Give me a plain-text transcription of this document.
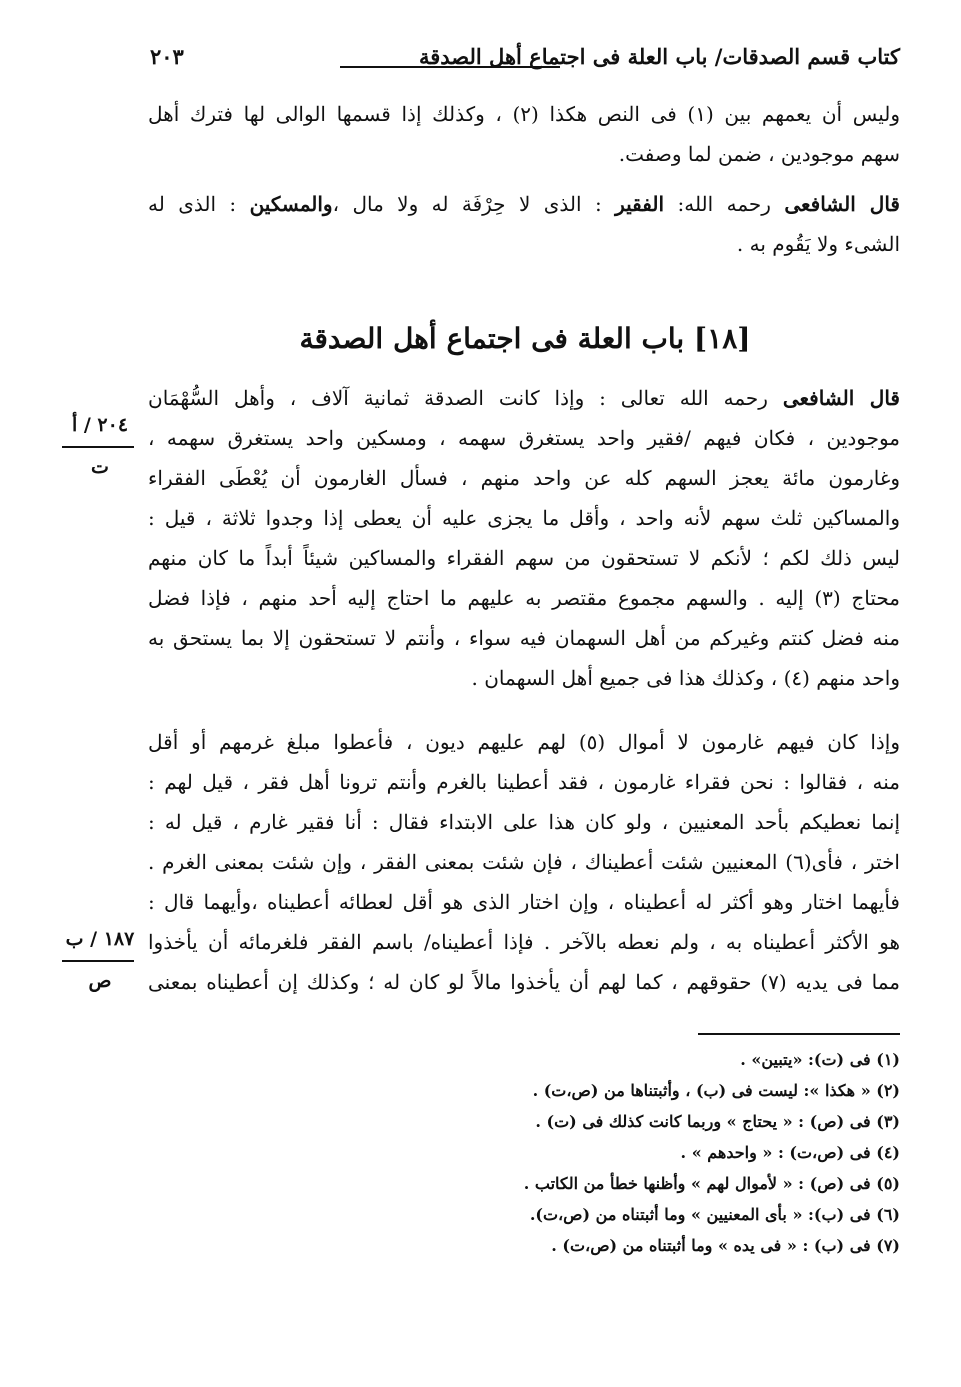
كتاب قسم الصدقات/ باب العلة فى اجتماع أهل الصدقة
٢٠٣
وليس أن يعمهم بين (١) فى النص هكذا (٢) ، وكذلك إذا قسمها الوالى لها فترك أهل
سهم موجودين ، ضمن لما وصفت.
قال الشافعى رحمه الله: الفقير : الذى لا حِرْفَة له ولا مال ،والمسكين : الذى له
الشىء ولا يَقُوم به .
[١٨] باب العلة فى اجتماع أهل الصدقة
قال الشافعى رحمه الله تعالى : وإذا كانت الصدقة ثمانية آلاف ، وأهل السُّهْمَان
موجودين ، فكان فيهم /فقير واحد يستغرق سهمه ، ومسكين واحد يستغرق سهمه ،
وغارمون مائة يعجز السهم كله عن واحد منهم ، فسأل الغارمون أن يُعْطَى الفقراء
والمساكين ثلث سهم لأنه واحد ، وأقل ما يجزى عليه أن يعطى إذا وجدوا ثلاثة ، قيل :
ليس ذلك لكم ؛ لأنكم لا تستحقون من سهم الفقراء والمساكين شيئاً أبداً ما كان منهم
محتاج (٣) إليه . والسهم مجموع مقتصر به عليهم ما احتاج إليه أحد منهم ، فإذا فضل
منه فضل كنتم وغيركم من أهل السهمان فيه سواء ، وأنتم لا تستحقون إلا بما يستحق به
واحد منهم (٤) ، وكذلك هذا فى جميع أهل السهمان .
وإذا كان فيهم غارمون لا أموال (٥) لهم عليهم ديون ، فأعطوا مبلغ غرمهم أو أقل
منه ، فقالوا : نحن فقراء غارمون ، فقد أعطينا بالغرم وأنتم ترونا أهل فقر ، قيل لهم :
إنما نعطيكم بأحد المعنيين ، ولو كان هذا على الابتداء فقال : أنا فقير غارم ، قيل له :
اختر ، فأى(٦) المعنيين شئت أعطيناك ، فإن شئت بمعنى الفقر ، وإن شئت بمعنى الغرم .
فأيهما اختار وهو أكثر له أعطيناه ، وإن اختار الذى هو أقل لعطائه أعطيناه ،وأيهما قال :
هو الأكثر أعطيناه به ، ولم نعطه بالآخر . فإذا أعطيناه/ باسم الفقر فلغرمائه أن يأخذوا
مما فى يديه (٧) حقوقهم ، كما لهم أن يأخذوا مالاً لو كان له ؛ وكذلك إن أعطيناه بمعنى
٢٠٤ / أ
ت
١٨٧ / ب
ص
(١) فى (ت): «يتبين» .
(٢) « هكذا »: ليست فى (ب) ، وأثبتناها من (ص،ت) .
(٣) فى (ص) : « يحتاج » وربما كانت كذلك فى (ت) .
(٤) فى (ص،ت) : « واحدهم » .
(٥) فى (ص) : « لأموال لهم » وأظنها خطأ من الكاتب .
(٦) فى (ب): « بأى المعنيين » وما أثبتناه من (ص،ت).
(٧) فى (ب) : « فى يده » وما أثبتناه من (ص،ت) .
